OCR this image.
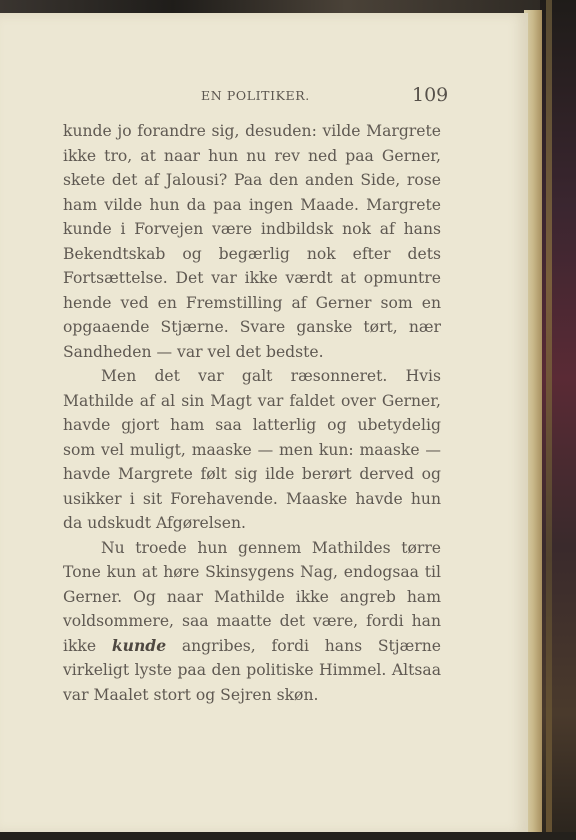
EN POLITIKER.	109

kunde jo forandre sig, desuden: vilde Margrete ikke tro, at naar hun nu rev ned paa Gerner, skete det af Jalousi? Paa den anden Side, rose ham vilde hun da paa ingen Maade. Margrete kunde i Forvejen være indbildsk nok af hans Bekendtskab og begærlig nok efter dets Fortsættelse. Det var ikke værdt at opmuntre hende ved en Fremstilling af Gerner som en opgaaende Stjærne. Svare ganske tørt, nær Sandheden — var vel det bedste.

Men det var galt ræsonneret. Hvis Mathilde af al sin Magt var faldet over Gerner, havde gjort ham saa latterlig og ubetydelig som vel muligt, maaske — men kun: maaske — havde Margrete følt sig ilde berørt derved og usikker i sit Forehavende. Maaske havde hun da udskudt Afgørelsen.

Nu troede hun gennem Mathildes tørre Tone kun at høre Skinsygens Nag, endogsaa til Gerner. Og naar Mathilde ikke angreb ham voldsommere, saa maatte det være, fordi han ikke kunde angribes, fordi hans Stjærne virkeligt lyste paa den politiske Himmel. Altsaa var Maalet stort og Sejren skøn.
